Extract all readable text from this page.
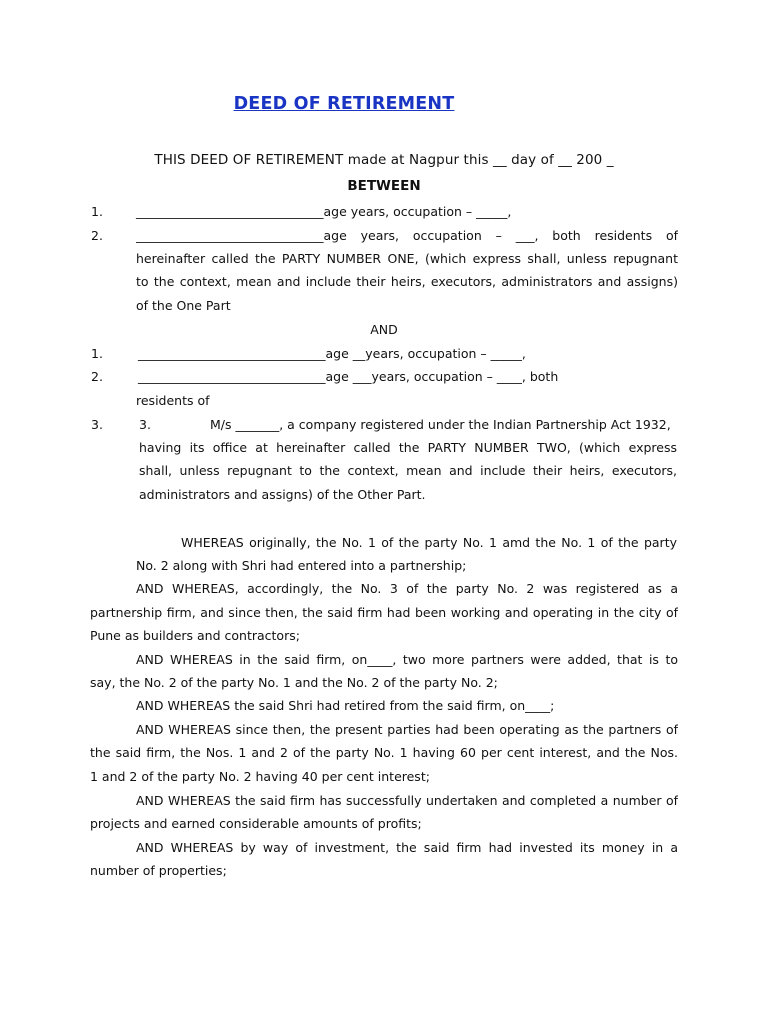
DEED OF RETIREMENT
THIS DEED OF RETIREMENT made at Nagpur this __ day of __ 200 _
BETWEEN
1.	______________________________age years, occupation – _____,
2.	______________________________age years, occupation – ___, both residents of
hereinafter called the PARTY NUMBER ONE, (which express shall, unless repugnant
to the context, mean and include their heirs, executors, administrators and assigns)
of the One Part
AND
1.	______________________________age __years, occupation – _____,
2.	______________________________age ___years, occupation – ____, both
residents of
3.	3.	M/s _______, a company registered under the Indian Partnership Act 1932,
having its office at hereinafter called the PARTY NUMBER TWO, (which express
shall, unless repugnant to the context, mean and include their heirs, executors,
administrators and assigns) of the Other Part.
WHEREAS originally, the No. 1 of the party No. 1 amd the No. 1 of the party
No. 2 along with Shri had entered into a partnership;
AND WHEREAS, accordingly, the No. 3 of the party No. 2 was registered as a
partnership firm, and since then, the said firm had been working and operating in the city of
Pune as builders and contractors;
AND WHEREAS in the said firm, on____, two more partners were added, that is to
say, the No. 2 of the party No. 1 and the No. 2 of the party No. 2;
AND WHEREAS the said Shri had retired from the said firm, on____;
AND WHEREAS since then, the present parties had been operating as the partners of
the said firm, the Nos. 1 and 2 of the party No. 1 having 60 per cent interest, and the Nos.
1 and 2 of the party No. 2 having 40 per cent interest;
AND WHEREAS the said firm has successfully undertaken and completed a number of
projects and earned considerable amounts of profits;
AND WHEREAS by way of investment, the said firm had invested its money in a
number of properties;
